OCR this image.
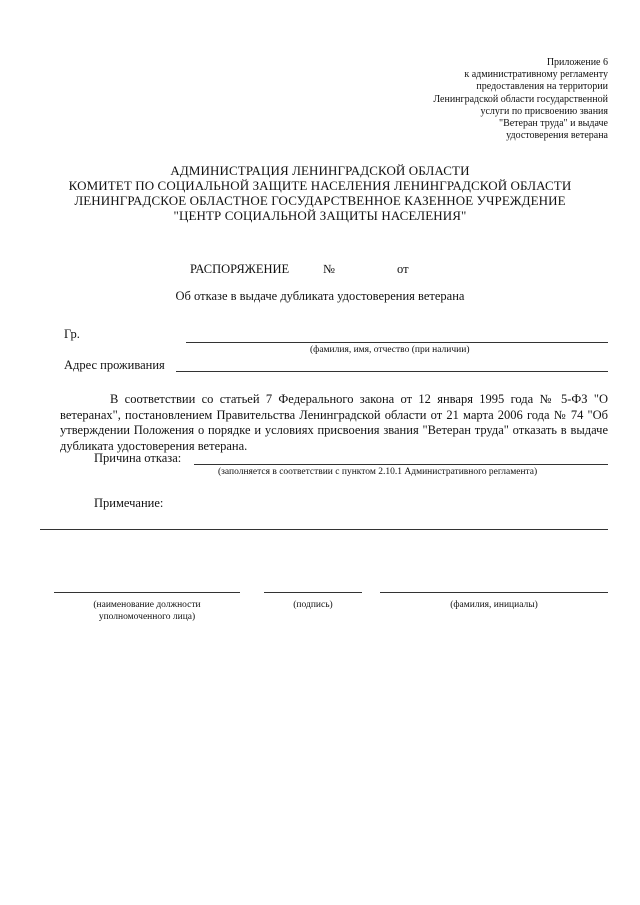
Приложение 6
к административному регламенту
предоставления на территории
Ленинградской области государственной
услуги по присвоению звания
"Ветеран труда" и выдаче
удостоверения ветерана
АДМИНИСТРАЦИЯ ЛЕНИНГРАДСКОЙ ОБЛАСТИ
КОМИТЕТ ПО СОЦИАЛЬНОЙ ЗАЩИТЕ НАСЕЛЕНИЯ ЛЕНИНГРАДСКОЙ ОБЛАСТИ
ЛЕНИНГРАДСКОЕ ОБЛАСТНОЕ ГОСУДАРСТВЕННОЕ КАЗЕННОЕ УЧРЕЖДЕНИЕ
"ЦЕНТР СОЦИАЛЬНОЙ ЗАЩИТЫ НАСЕЛЕНИЯ"
РАСПОРЯЖЕНИЕ	№	от
Об отказе в выдаче дубликата удостоверения ветерана
Гр.
(фамилия, имя, отчество (при наличии)
Адрес проживания

В соответствии со статьей 7 Федерального закона от 12 января 1995 года № 5-ФЗ "О ветеранах", постановлением Правительства Ленинградской области от 21 марта 2006 года № 74 "Об утверждении Положения о порядке и условиях присвоения звания "Ветеран труда" отказать в выдаче дубликата удостоверения ветерана.

Причина отказа:
(заполняется в соответствии с пунктом 2.10.1 Административного регламента)
Примечание:
(наименование должности
уполномоченного лица)
(подпись)	(фамилия, инициалы)
